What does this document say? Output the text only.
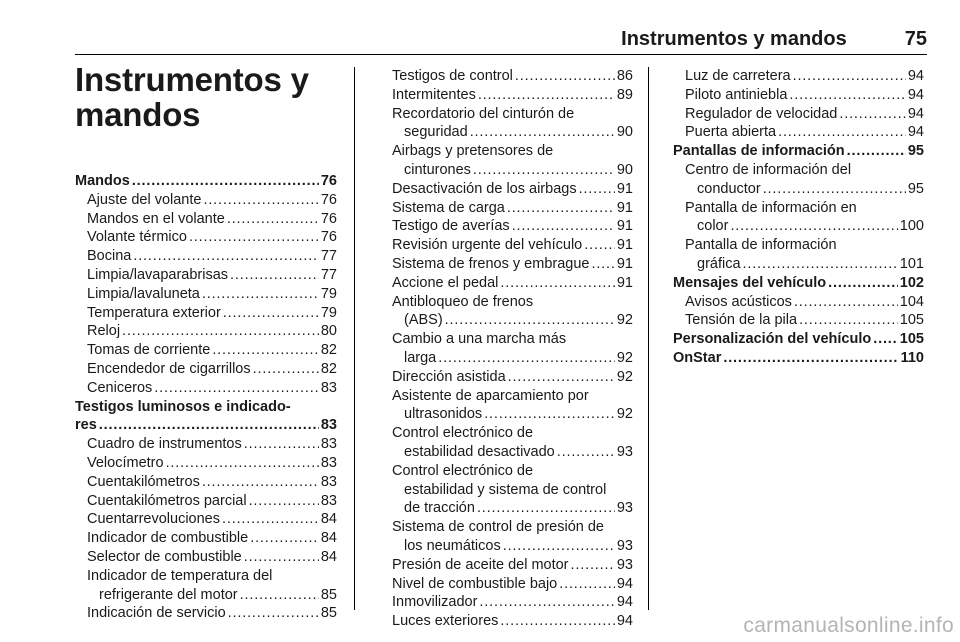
Instrumentos y mandos	75
Instrumentos y
mandos
Mandos . . .	76
Ajuste del volante . . .	76
Mandos en el volante . . .	76
Volante térmico . . .	76
Bocina . . .	77
Limpia/lavaparabrisas . . .	77
Limpia/lavaluneta . . .	79
Temperatura exterior . . .	79
Reloj . . .	80
Tomas de corriente . . .	82
Encendedor de cigarrillos . . .	82
Ceniceros . . .	83
Testigos luminosos e indicado-
res . . .	83
Cuadro de instrumentos . . .	83
Velocímetro . . .	83
Cuentakilómetros . . .	83
Cuentakilómetros parcial . . .	83
Cuentarrevoluciones . . .	84
Indicador de combustible . . .	84
Selector de combustible . . .	84
Indicador de temperatura del
refrigerante del motor . . .	85
Indicación de servicio . . .	85
Testigos de control . . .	86
Intermitentes . . .	89
Recordatorio del cinturón de
seguridad . . .	90
Airbags y pretensores de
cinturones . . .	90
Desactivación de los airbags . . .	91
Sistema de carga . . .	91
Testigo de averías . . .	91
Revisión urgente del vehículo . . . 91
Sistema de frenos y embrague . . . 91
Accione el pedal . . .	91
Antibloqueo de frenos
(ABS) . . .	92
Cambio a una marcha más
larga . . .	92
Dirección asistida . . .	92
Asistente de aparcamiento por
ultrasonidos . . .	92
Control electrónico de
estabilidad desactivado . . .	93
Control electrónico de
estabilidad y sistema de control
de tracción . . .	93
Sistema de control de presión de
los neumáticos . . .	93
Presión de aceite del motor . . .	93
Nivel de combustible bajo . . .	94
Inmovilizador . . .	94
Luces exteriores . . .	94
Luz de carretera . . .	94
Piloto antiniebla . . .	94
Regulador de velocidad . . .	94
Puerta abierta . . .	94
Pantallas de información . . .	95
Centro de información del
conductor . . .	95
Pantalla de información en
color . . .	100
Pantalla de información
gráfica . . .	101
Mensajes del vehículo . . .	102
Avisos acústicos . . .	104
Tensión de la pila . . .	105
Personalización del vehículo . . . 105
OnStar . . .	110
carmanualsonline.info
